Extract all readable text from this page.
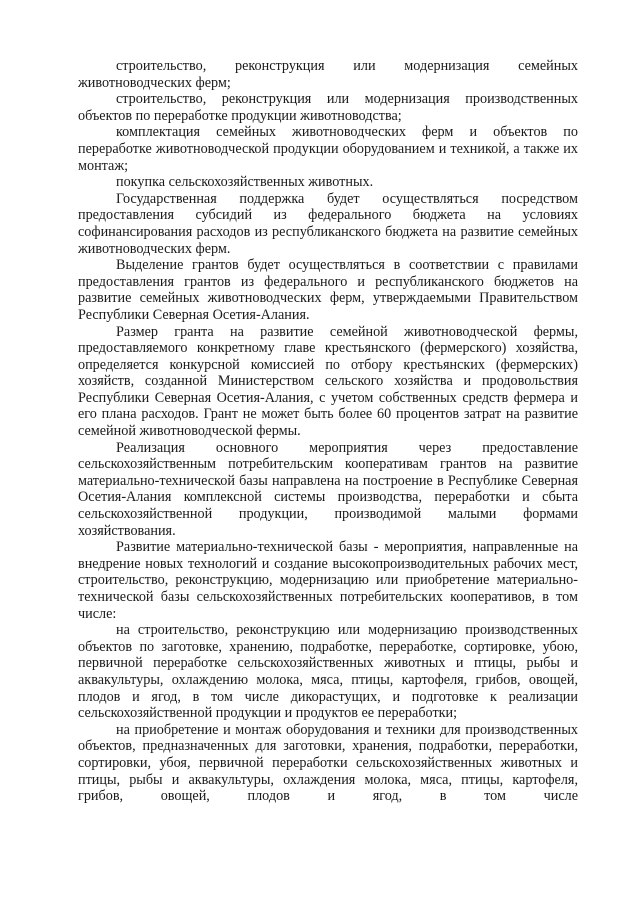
строительство, реконструкция или модернизация семейных животноводческих ферм;

строительство, реконструкция или модернизация производственных объектов по переработке продукции животноводства;

комплектация семейных животноводческих ферм и объектов по переработке животноводческой продукции оборудованием и техникой, а также их монтаж;

покупка сельскохозяйственных животных.

Государственная поддержка будет осуществляться посредством предоставления субсидий из федерального бюджета на условиях софинансирования расходов из республиканского бюджета на развитие семейных животноводческих ферм.

Выделение грантов будет осуществляться в соответствии с правилами предоставления грантов из федерального и республиканского бюджетов на развитие семейных животноводческих ферм, утверждаемыми Правительством Республики Северная Осетия-Алания.

Размер гранта на развитие семейной животноводческой фермы, предоставляемого конкретному главе крестьянского (фермерского) хозяйства, определяется конкурсной комиссией по отбору крестьянских (фермерских) хозяйств, созданной Министерством сельского хозяйства и продовольствия Республики Северная Осетия-Алания, с учетом собственных средств фермера и его плана расходов. Грант не может быть более 60 процентов затрат на развитие семейной животноводческой фермы.

Реализация основного мероприятия через предоставление сельскохозяйственным потребительским кооперативам грантов на развитие материально-технической базы направлена на построение в Республике Северная Осетия-Алания комплексной системы производства, переработки и сбыта сельскохозяйственной продукции, производимой малыми формами хозяйствования.

Развитие материально-технической базы - мероприятия, направленные на внедрение новых технологий и создание высокопроизводительных рабочих мест, строительство, реконструкцию, модернизацию или приобретение материально-технической базы сельскохозяйственных потребительских кооперативов, в том числе:

на строительство, реконструкцию или модернизацию производственных объектов по заготовке, хранению, подработке, переработке, сортировке, убою, первичной переработке сельскохозяйственных животных и птицы, рыбы и аквакультуры, охлаждению молока, мяса, птицы, картофеля, грибов, овощей, плодов и ягод, в том числе дикорастущих, и подготовке к реализации сельскохозяйственной продукции и продуктов ее переработки;

на приобретение и монтаж оборудования и техники для производственных объектов, предназначенных для заготовки, хранения, подработки, переработки, сортировки, убоя, первичной переработки сельскохозяйственных животных и птицы, рыбы и аквакультуры, охлаждения молока, мяса, птицы, картофеля, грибов, овощей, плодов и ягод, в том числе
